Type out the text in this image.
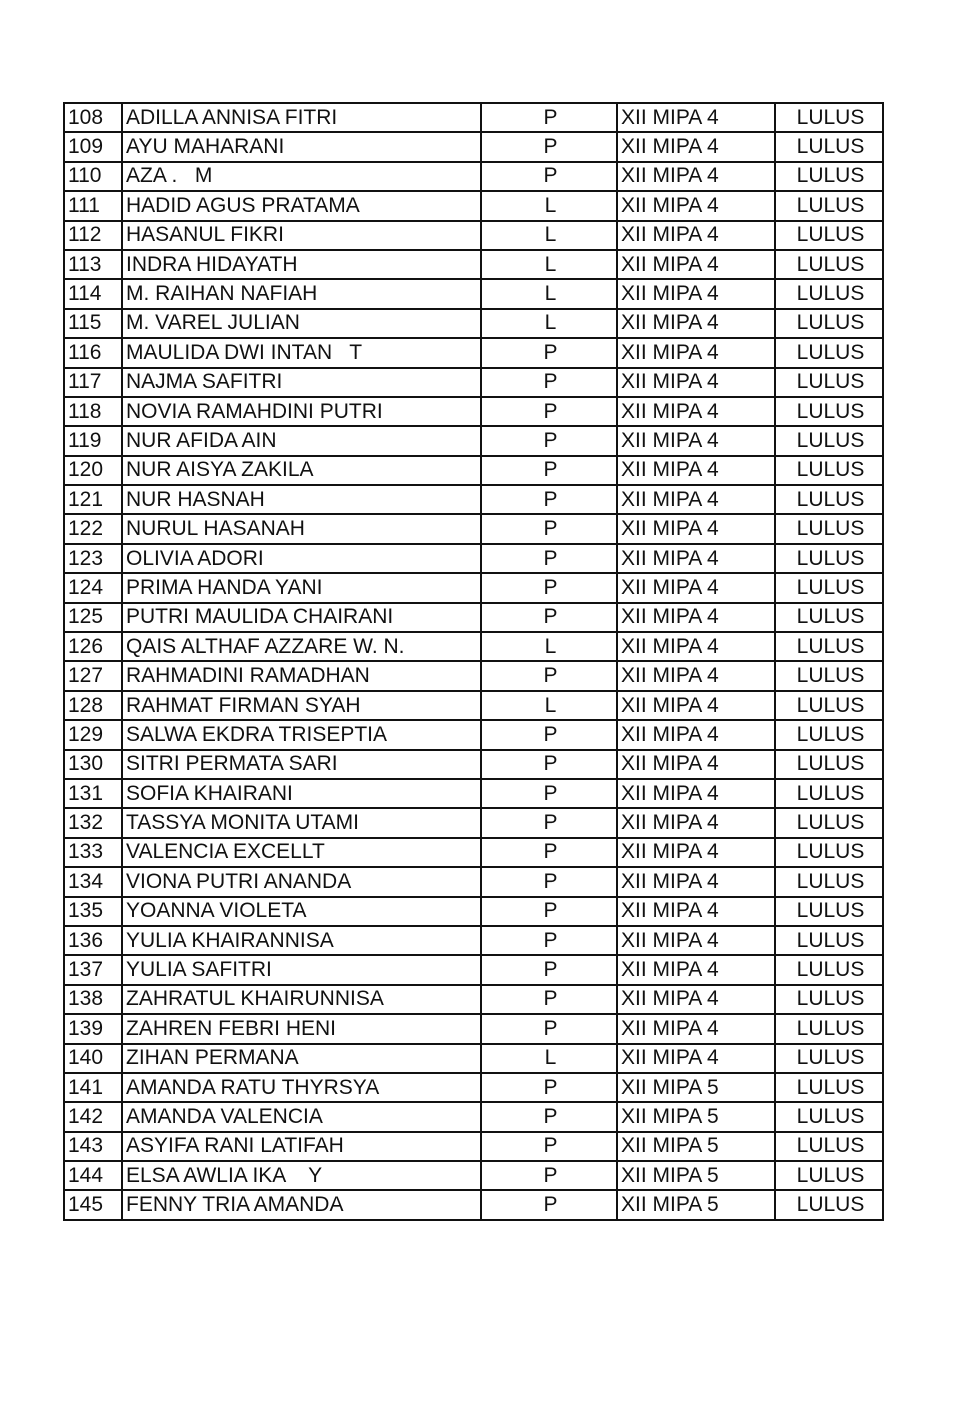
108	ADILLA ANNISA FITRI	P	XII MIPA 4	LULUS
109	AYU MAHARANI	P	XII MIPA 4	LULUS
110	AZA .   M	P	XII MIPA 4	LULUS
111	HADID AGUS PRATAMA	L	XII MIPA 4	LULUS
112	HASANUL FIKRI	L	XII MIPA 4	LULUS
113	INDRA HIDAYATH	L	XII MIPA 4	LULUS
114	M. RAIHAN NAFIAH	L	XII MIPA 4	LULUS
115	M. VAREL JULIAN	L	XII MIPA 4	LULUS
116	MAULIDA DWI INTAN   T	P	XII MIPA 4	LULUS
117	NAJMA SAFITRI	P	XII MIPA 4	LULUS
118	NOVIA RAMAHDINI PUTRI	P	XII MIPA 4	LULUS
119	NUR AFIDA AIN	P	XII MIPA 4	LULUS
120	NUR AISYA ZAKILA	P	XII MIPA 4	LULUS
121	NUR HASNAH	P	XII MIPA 4	LULUS
122	NURUL HASANAH	P	XII MIPA 4	LULUS
123	OLIVIA ADORI	P	XII MIPA 4	LULUS
124	PRIMA HANDA YANI	P	XII MIPA 4	LULUS
125	PUTRI MAULIDA CHAIRANI	P	XII MIPA 4	LULUS
126	QAIS ALTHAF AZZARE W. N.	L	XII MIPA 4	LULUS
127	RAHMADINI RAMADHAN	P	XII MIPA 4	LULUS
128	RAHMAT FIRMAN SYAH	L	XII MIPA 4	LULUS
129	SALWA EKDRA TRISEPTIA	P	XII MIPA 4	LULUS
130	SITRI PERMATA SARI	P	XII MIPA 4	LULUS
131	SOFIA KHAIRANI	P	XII MIPA 4	LULUS
132	TASSYA MONITA UTAMI	P	XII MIPA 4	LULUS
133	VALENCIA EXCELLT	P	XII MIPA 4	LULUS
134	VIONA PUTRI ANANDA	P	XII MIPA 4	LULUS
135	YOANNA VIOLETA	P	XII MIPA 4	LULUS
136	YULIA KHAIRANNISA	P	XII MIPA 4	LULUS
137	YULIA SAFITRI	P	XII MIPA 4	LULUS
138	ZAHRATUL KHAIRUNNISA	P	XII MIPA 4	LULUS
139	ZAHREN FEBRI HENI	P	XII MIPA 4	LULUS
140	ZIHAN PERMANA	L	XII MIPA 4	LULUS
141	AMANDA RATU THYRSYA	P	XII MIPA 5	LULUS
142	AMANDA VALENCIA	P	XII MIPA 5	LULUS
143	ASYIFA RANI LATIFAH	P	XII MIPA 5	LULUS
144	ELSA AWLIA IKA    Y	P	XII MIPA 5	LULUS
145	FENNY TRIA AMANDA	P	XII MIPA 5	LULUS
